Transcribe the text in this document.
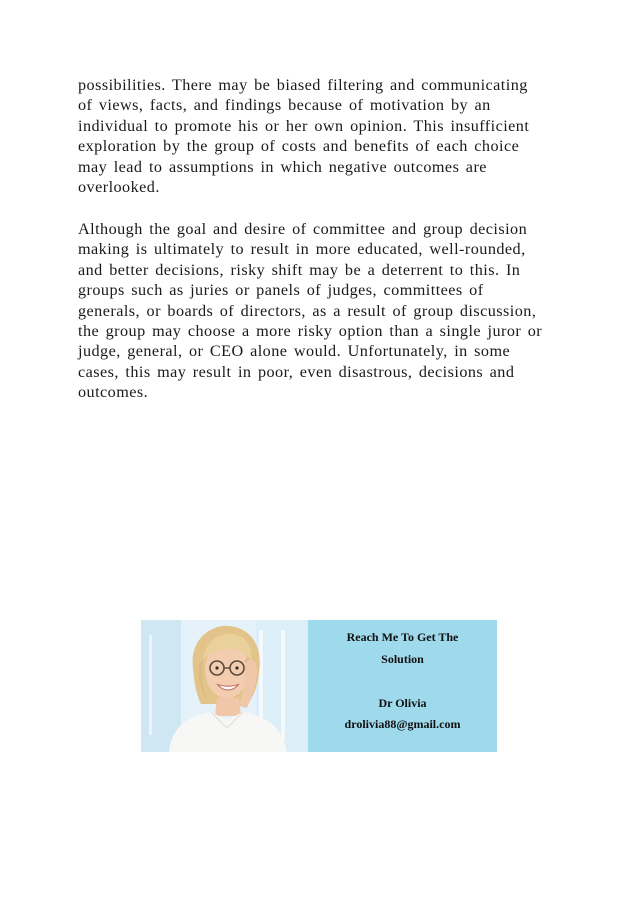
possibilities. There may be biased filtering and communicating
of views, facts, and findings because of motivation by an
individual to promote his or her own opinion. This insufficient
exploration by the group of costs and benefits of each choice
may lead to assumptions in which negative outcomes are
overlooked.
Although the goal and desire of committee and group decision
making is ultimately to result in more educated, well-rounded,
and better decisions, risky shift may be a deterrent to this. In
groups such as juries or panels of judges, committees of
generals, or boards of directors, as a result of group discussion,
the group may choose a more risky option than a single juror or
judge, general, or CEO alone would. Unfortunately, in some
cases, this may result in poor, even disastrous, decisions and
outcomes.
Reach Me To Get The
Solution
Dr Olivia
drolivia88@gmail.com
